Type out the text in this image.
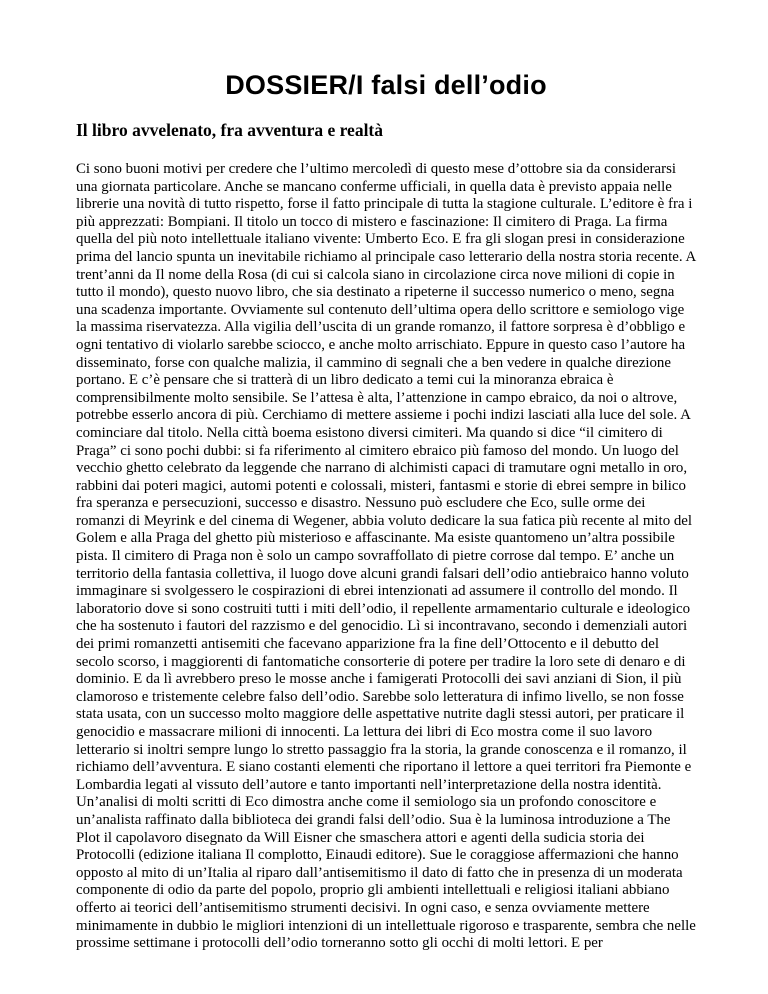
DOSSIER/I falsi dell’odio
Il libro avvelenato, fra avventura e realtà

Ci sono buoni motivi per credere che l’ultimo mercoledì di questo mese d’ottobre sia da considerarsi una giornata particolare. Anche se mancano conferme ufficiali, in quella data è previsto appaia nelle librerie una novità di tutto rispetto, forse il fatto principale di tutta la stagione culturale. L’editore è fra i più apprezzati: Bompiani. Il titolo un tocco di mistero e fascinazione: Il cimitero di Praga. La firma quella del più noto intellettuale italiano vivente: Umberto Eco. E fra gli slogan presi in considerazione prima del lancio spunta un inevitabile richiamo al principale caso letterario della nostra storia recente. A trent’anni da Il nome della Rosa (di cui si calcola siano in circolazione circa nove milioni di copie in tutto il mondo), questo nuovo libro, che sia destinato a ripeterne il successo numerico o meno, segna una scadenza importante. Ovviamente sul contenuto dell’ultima opera dello scrittore e semiologo vige la massima riservatezza. Alla vigilia dell’uscita di un grande romanzo, il fattore sorpresa è d’obbligo e ogni tentativo di violarlo sarebbe sciocco, e anche molto arrischiato. Eppure in questo caso l’autore ha disseminato, forse con qualche malizia, il cammino di segnali che a ben vedere in qualche direzione portano. E c’è pensare che si tratterà di un libro dedicato a temi cui la minoranza ebraica è comprensibilmente molto sensibile. Se l’attesa è alta, l’attenzione in campo ebraico, da noi o altrove, potrebbe esserlo ancora di più. Cerchiamo di mettere assieme i pochi indizi lasciati alla luce del sole. A cominciare dal titolo. Nella città boema esistono diversi cimiteri. Ma quando si dice “il cimitero di Praga” ci sono pochi dubbi: si fa riferimento al cimitero ebraico più famoso del mondo. Un luogo del vecchio ghetto celebrato da leggende che narrano di alchimisti capaci di tramutare ogni metallo in oro, rabbini dai poteri magici, automi potenti e colossali, misteri, fantasmi e storie di ebrei sempre in bilico fra speranza e persecuzioni, successo e disastro. Nessuno può escludere che Eco, sulle orme dei romanzi di Meyrink e del cinema di Wegener, abbia voluto dedicare la sua fatica più recente al mito del Golem e alla Praga del ghetto più misterioso e affascinante. Ma esiste quantomeno un’altra possibile pista. Il cimitero di Praga non è solo un campo sovraffollato di pietre corrose dal tempo. E’ anche un territorio della fantasia collettiva, il luogo dove alcuni grandi falsari dell’odio antiebraico hanno voluto immaginare si svolgessero le cospirazioni di ebrei intenzionati ad assumere il controllo del mondo. Il laboratorio dove si sono costruiti tutti i miti dell’odio, il repellente armamentario culturale e ideologico che ha sostenuto i fautori del razzismo e del genocidio. Lì si incontravano, secondo i demenziali autori dei primi romanzetti antisemiti che facevano apparizione fra la fine dell’Ottocento e il debutto del secolo scorso, i maggiorenti di fantomatiche consorterie di potere per tradire la loro sete di denaro e di dominio. E da lì avrebbero preso le mosse anche i famigerati Protocolli dei savi anziani di Sion, il più clamoroso e tristemente celebre falso dell’odio. Sarebbe solo letteratura di infimo livello, se non fosse stata usata, con un successo molto maggiore delle aspettative nutrite dagli stessi autori, per praticare il genocidio e massacrare milioni di innocenti. La lettura dei libri di Eco mostra come il suo lavoro letterario si inoltri sempre lungo lo stretto passaggio fra la storia, la grande conoscenza e il romanzo, il richiamo dell’avventura. E siano costanti elementi che riportano il lettore a quei territori fra Piemonte e Lombardia legati al vissuto dell’autore e tanto importanti nell’interpretazione della nostra identità. Un’analisi di molti scritti di Eco dimostra anche come il semiologo sia un profondo conoscitore e un’analista raffinato dalla biblioteca dei grandi falsi dell’odio. Sua è la luminosa introduzione a The Plot il capolavoro disegnato da Will Eisner che smaschera attori e agenti della sudicia storia dei Protocolli (edizione italiana Il complotto, Einaudi editore). Sue le coraggiose affermazioni che hanno opposto al mito di un’Italia al riparo dall’antisemitismo il dato di fatto che in presenza di un moderata componente di odio da parte del popolo, proprio gli ambienti intellettuali e religiosi italiani abbiano offerto ai teorici dell’antisemitismo strumenti decisivi. In ogni caso, e senza ovviamente mettere minimamente in dubbio le migliori intenzioni di un intellettuale rigoroso e trasparente, sembra che nelle prossime settimane i protocolli dell’odio torneranno sotto gli occhi di molti lettori. E per
